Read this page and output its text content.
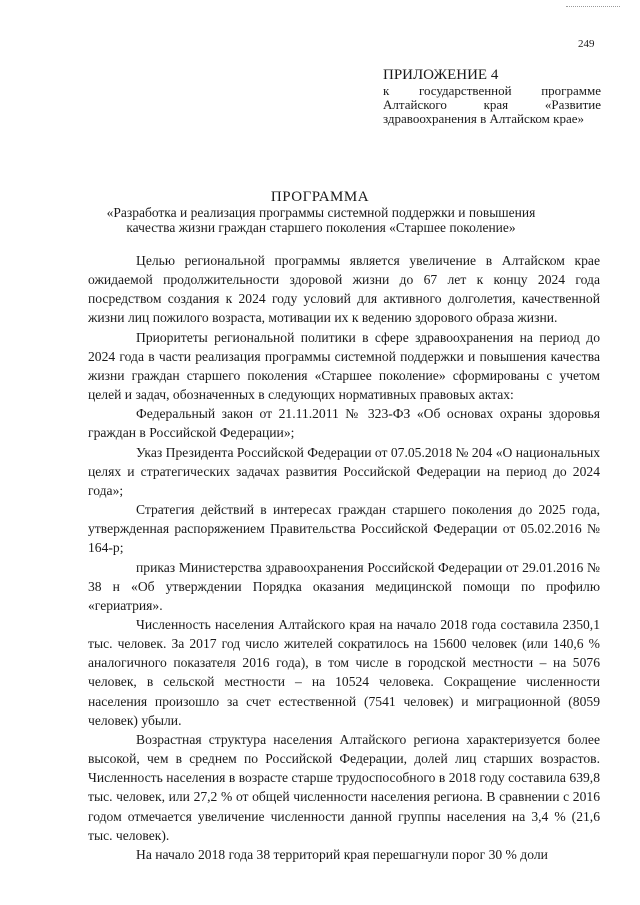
249
ПРИЛОЖЕНИЕ 4
к государственной программе Алтайского края «Развитие здравоохранения в Алтайском крае»
ПРОГРАММА
«Разработка и реализация программы системной поддержки и повышения качества жизни граждан старшего поколения «Старшее поколение»

Целью региональной программы является увеличение в Алтайском крае ожидаемой продолжительности здоровой жизни до 67 лет к концу 2024 года посредством создания к 2024 году условий для активного долголетия, качественной жизни лиц пожилого возраста, мотивации их к ведению здорового образа жизни.

Приоритеты региональной политики в сфере здравоохранения на период до 2024 года в части реализация программы системной поддержки и повышения качества жизни граждан старшего поколения «Старшее поколение» сформированы с учетом целей и задач, обозначенных в следующих нормативных правовых актах:

Федеральный закон от 21.11.2011 № 323-ФЗ «Об основах охраны здоровья граждан в Российской Федерации»;

Указ Президента Российской Федерации от 07.05.2018 № 204 «О национальных целях и стратегических задачах развития Российской Федерации на период до 2024 года»;

Стратегия действий в интересах граждан старшего поколения до 2025 года, утвержденная распоряжением Правительства Российской Федерации от 05.02.2016 № 164-р;

приказ Министерства здравоохранения Российской Федерации от 29.01.2016 № 38 н «Об утверждении Порядка оказания медицинской помощи по профилю «гериатрия».

Численность населения Алтайского края на начало 2018 года составила 2350,1 тыс. человек. За 2017 год число жителей сократилось на 15600 человек (или 140,6 % аналогичного показателя 2016 года), в том числе в городской местности – на 5076 человек, в сельской местности – на 10524 человека. Сокращение численности населения произошло за счет естественной (7541 человек) и миграционной (8059 человек) убыли.

Возрастная структура населения Алтайского региона характеризуется более высокой, чем в среднем по Российской Федерации, долей лиц старших возрастов. Численность населения в возрасте старше трудоспособного в 2018 году составила 639,8 тыс. человек, или 27,2 % от общей численности населения региона. В сравнении с 2016 годом отмечается увеличение численности данной группы населения на 3,4 % (21,6 тыс. человек).

На начало 2018 года 38 территорий края перешагнули порог 30 % доли
